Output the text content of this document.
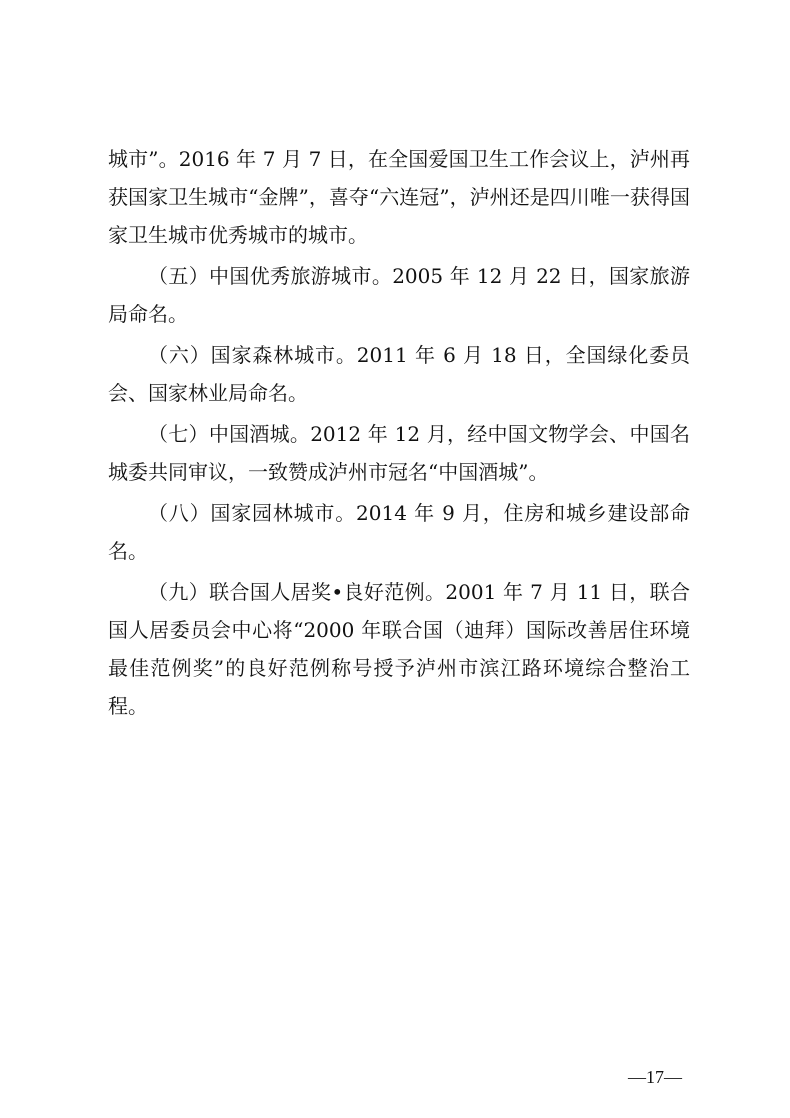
城市”。2016 年 7 月 7 日，在全国爱国卫生工作会议上，泸州再获国家卫生城市“金牌”，喜夺“六连冠”，泸州还是四川唯一获得国家卫生城市优秀城市的城市。

（五）中国优秀旅游城市。2005 年 12 月 22 日，国家旅游局命名。

（六）国家森林城市。2011 年 6 月 18 日，全国绿化委员会、国家林业局命名。

（七）中国酒城。2012 年 12 月，经中国文物学会、中国名城委共同审议，一致赞成泸州市冠名“中国酒城”。

（八）国家园林城市。2014 年 9 月，住房和城乡建设部命名。

（九）联合国人居奖•良好范例。2001 年 7 月 11 日，联合国人居委员会中心将“2000 年联合国（迪拜）国际改善居住环境最佳范例奖”的良好范例称号授予泸州市滨江路环境综合整治工程。

—17—
